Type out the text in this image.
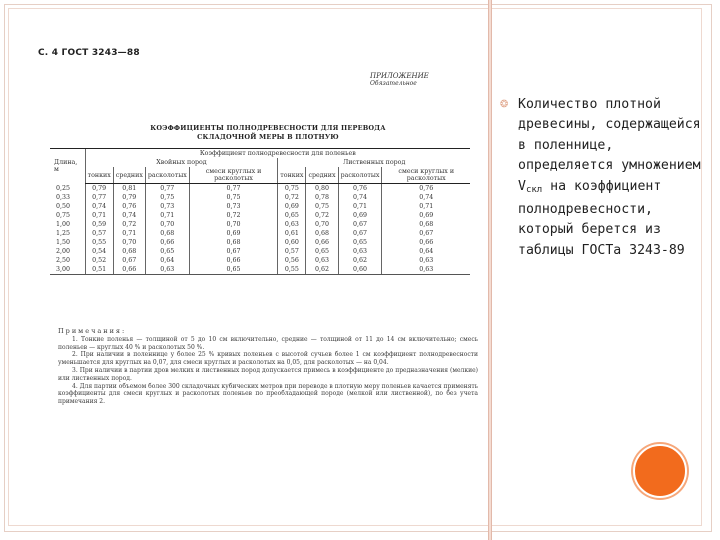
С. 4 ГОСТ 3243—88
ПРИЛОЖЕНИЕ
Обязательное
КОЭФФИЦИЕНТЫ ПОЛНОДРЕВЕСНОСТИ ДЛЯ ПЕРЕВОДА
СКЛАДОЧНОЙ МЕРЫ В ПЛОТНУЮ
Длина, м	Коэффициент полнодревесности для поленьев							
	Хвойных пород				Лиственных пород			
	тонких	средних	расколотых	смеси круглых и расколотых	тонких	средних	расколотых	смеси круглых и расколотых
0,25	0,79	0,81	0,77	0,77	0,75	0,80	0,76	0,76
0,33	0,77	0,79	0,75	0,75	0,72	0,78	0,74	0,74
0,50	0,74	0,76	0,73	0,73	0,69	0,75	0,71	0,71
0,75	0,71	0,74	0,71	0,72	0,65	0,72	0,69	0,69
1,00	0,59	0,72	0,70	0,70	0,63	0,70	0,67	0,68
1,25	0,57	0,71	0,68	0,69	0,61	0,68	0,67	0,67
1,50	0,55	0,70	0,66	0,68	0,60	0,66	0,65	0,66
2,00	0,54	0,68	0,65	0,67	0,57	0,65	0,63	0,64
2,50	0,52	0,67	0,64	0,66	0,56	0,63	0,62	0,63
3,00	0,51	0,66	0,63	0,65	0,55	0,62	0,60	0,63
Примечания:

1. Тонкие поленья — толщиной от 5 до 10 см включительно, средние — толщиной от 11 до 14 см включительно; смесь поленьев — круглых 40 % и расколотых 50 %.

2. При наличии в поленнице у более 25 % кривых поленьев с высотой сучьев более 1 см коэффициент полнодревесности уменьшается для круглых на 0,07, для смеси круглых и расколотых на 0,05, для расколотых — на 0,04.

3. При наличии в партии дров мелких и лиственных пород допускается примесь в коэффициенте до предназначения (мелкие) или лиственных пород.

4. Для партии объемом более 300 складочных кубических метров при переводе в плотную меру поленьев качается применять коэффициенты для смеси круглых и расколотых поленьев по преобладающей породе (мелкой или лиственной), по без учета примечания 2.

❂ Количество плотной древесины, содержащейся в поленнице, определяется умножением $V_{скл}$ на коэффициент полнодревесности, который берется из таблицы ГОСТа 3243-89
